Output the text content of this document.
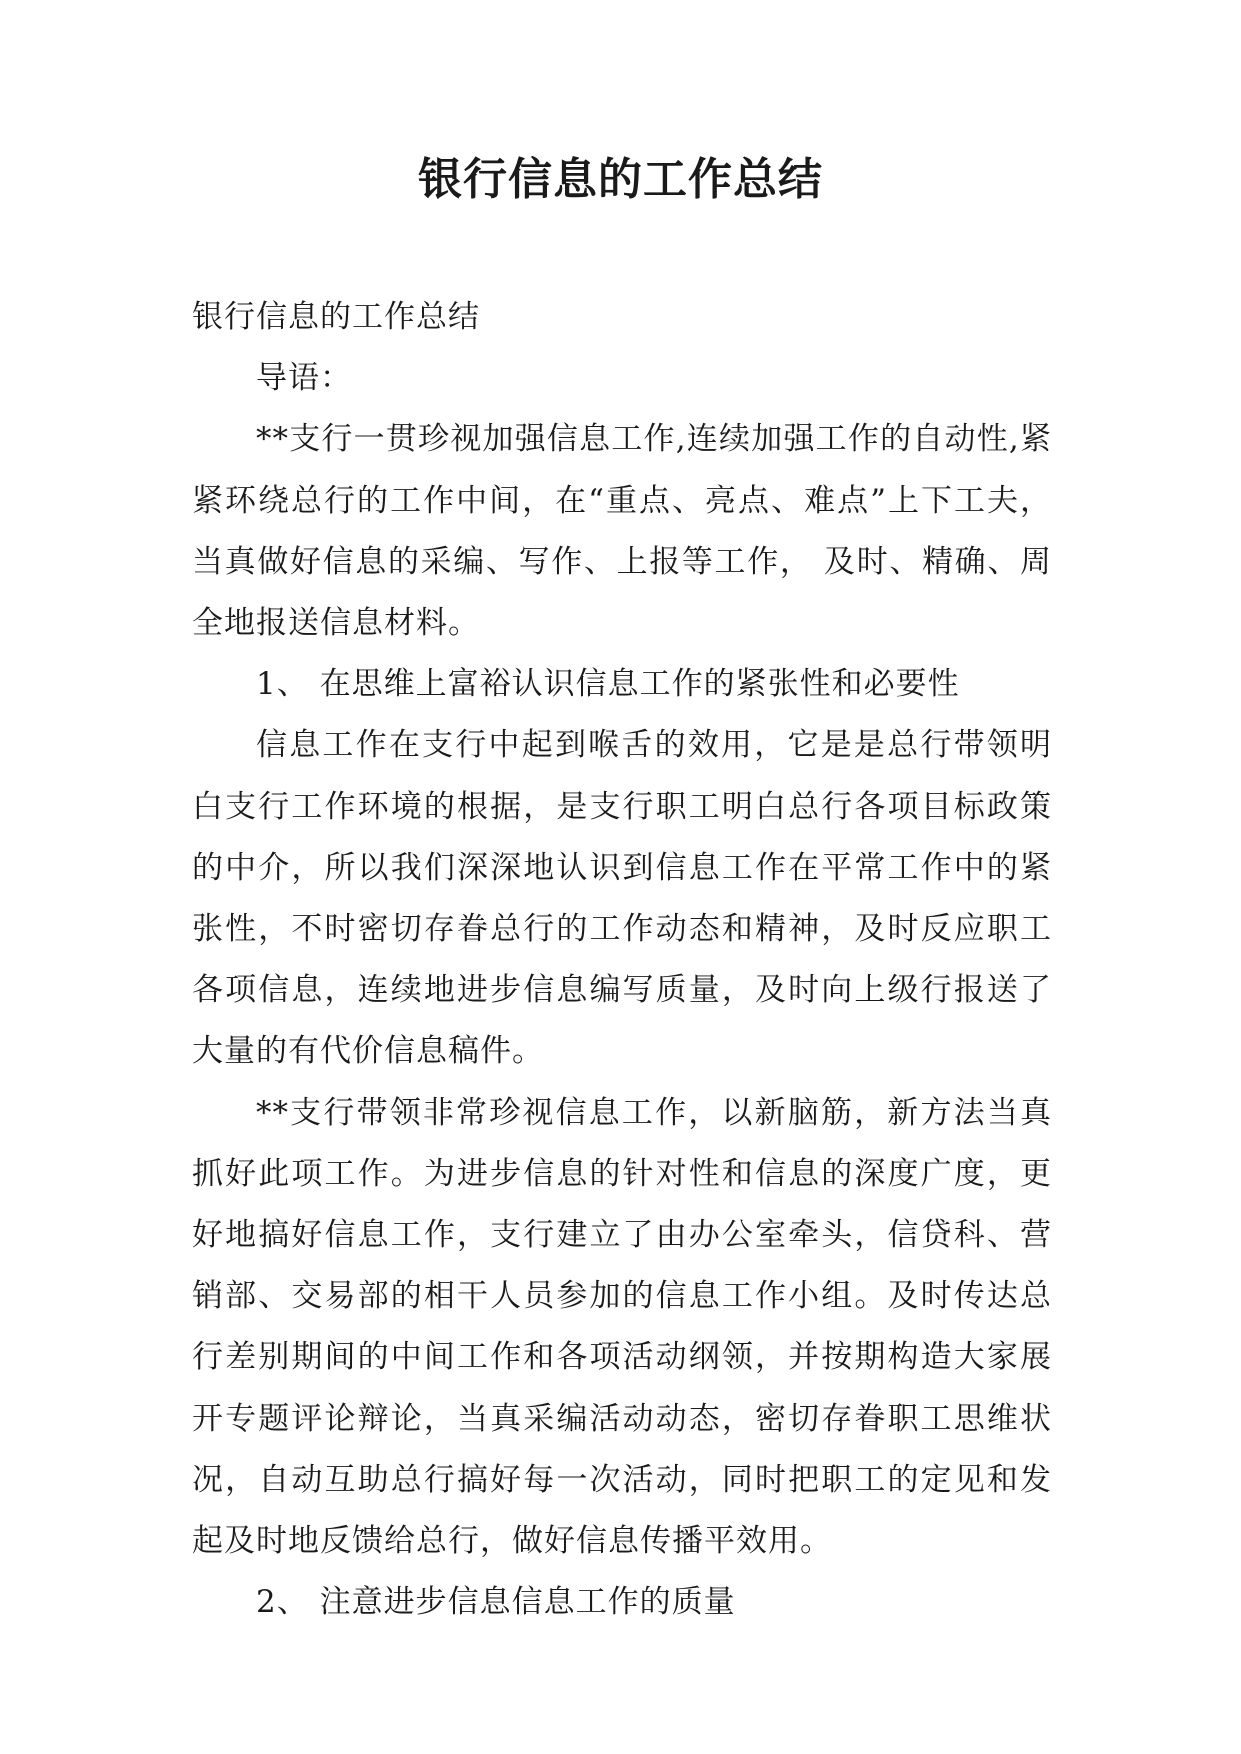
银行信息的工作总结

银行信息的工作总结

导语：

**支行一贯珍视加强信息工作,连续加强工作的自动性,紧紧环绕总行的工作中间，在“重点、亮点、难点”上下工夫，当真做好信息的采编、写作、上报等工作， 及时、精确、周全地报送信息材料。

1、 在思维上富裕认识信息工作的紧张性和必要性

信息工作在支行中起到喉舌的效用，它是是总行带领明白支行工作环境的根据，是支行职工明白总行各项目标政策的中介，所以我们深深地认识到信息工作在平常工作中的紧张性，不时密切存眷总行的工作动态和精神，及时反应职工各项信息，连续地进步信息编写质量，及时向上级行报送了大量的有代价信息稿件。

**支行带领非常珍视信息工作，以新脑筋，新方法当真抓好此项工作。为进步信息的针对性和信息的深度广度，更好地搞好信息工作，支行建立了由办公室牵头，信贷科、营销部、交易部的相干人员参加的信息工作小组。及时传达总行差别期间的中间工作和各项活动纲领，并按期构造大家展开专题评论辩论，当真采编活动动态，密切存眷职工思维状况，自动互助总行搞好每一次活动，同时把职工的定见和发起及时地反馈给总行，做好信息传播平效用。

2、 注意进步信息信息工作的质量
